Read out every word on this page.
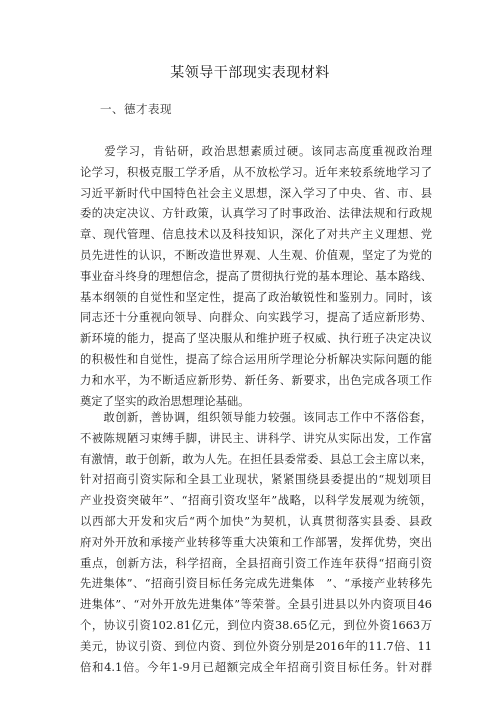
某领导干部现实表现材料
一、德才表现
　　爱学习，肯钻研，政治思想素质过硬。该同志高度重视政治理
论学习，积极克服工学矛盾，从不放松学习。近年来较系统地学习了
习近平新时代中国特色社会主义思想，深入学习了中央、省、市、县
委的决定决议、方针政策，认真学习了时事政治、法律法规和行政规
章、现代管理、信息技术以及科技知识，深化了对共产主义理想、党
员先进性的认识，不断改造世界观、人生观、价值观，坚定了为党的
事业奋斗终身的理想信念，提高了贯彻执行党的基本理论、基本路线、
基本纲领的自觉性和坚定性，提高了政治敏锐性和鉴别力。同时，该
同志还十分重视向领导、向群众、向实践学习，提高了适应新形势、
新环境的能力，提高了坚决服从和维护班子权威、执行班子决定决议
的积极性和自觉性，提高了综合运用所学理论分析解决实际问题的能
力和水平，为不断适应新形势、新任务、新要求，出色完成各项工作
奠定了坚实的政治思想理论基础。
　　敢创新，善协调，组织领导能力较强。该同志工作中不落俗套，
不被陈规陋习束缚手脚，讲民主、讲科学、讲究从实际出发，工作富
有激情，敢于创新，敢为人先。在担任县委常委、县总工会主席以来，
针对招商引资实际和全县工业现状，紧紧围绕县委提出的“规划项目
产业投资突破年”、“招商引资攻坚年”战略，以科学发展观为统领，
以西部大开发和灾后“两个加快”为契机，认真贯彻落实县委、县政
府对外开放和承接产业转移等重大决策和工作部署，发挥优势，突出
重点，创新方法，科学招商，全县招商引资工作连年获得“招商引资
先进集体”、“招商引资目标任务完成先进集体　”、“承接产业转移先
进集体”、“对外开放先进集体”等荣誉。全县引进县以外内资项目46
个，协议引资102.81亿元，到位内资38.65亿元，到位外资1663万
美元，协议引资、到位内资、到位外资分别是2016年的11.7倍、11
倍和4.1倍。今年1-9月已超额完成全年招商引资目标任务。针对群
